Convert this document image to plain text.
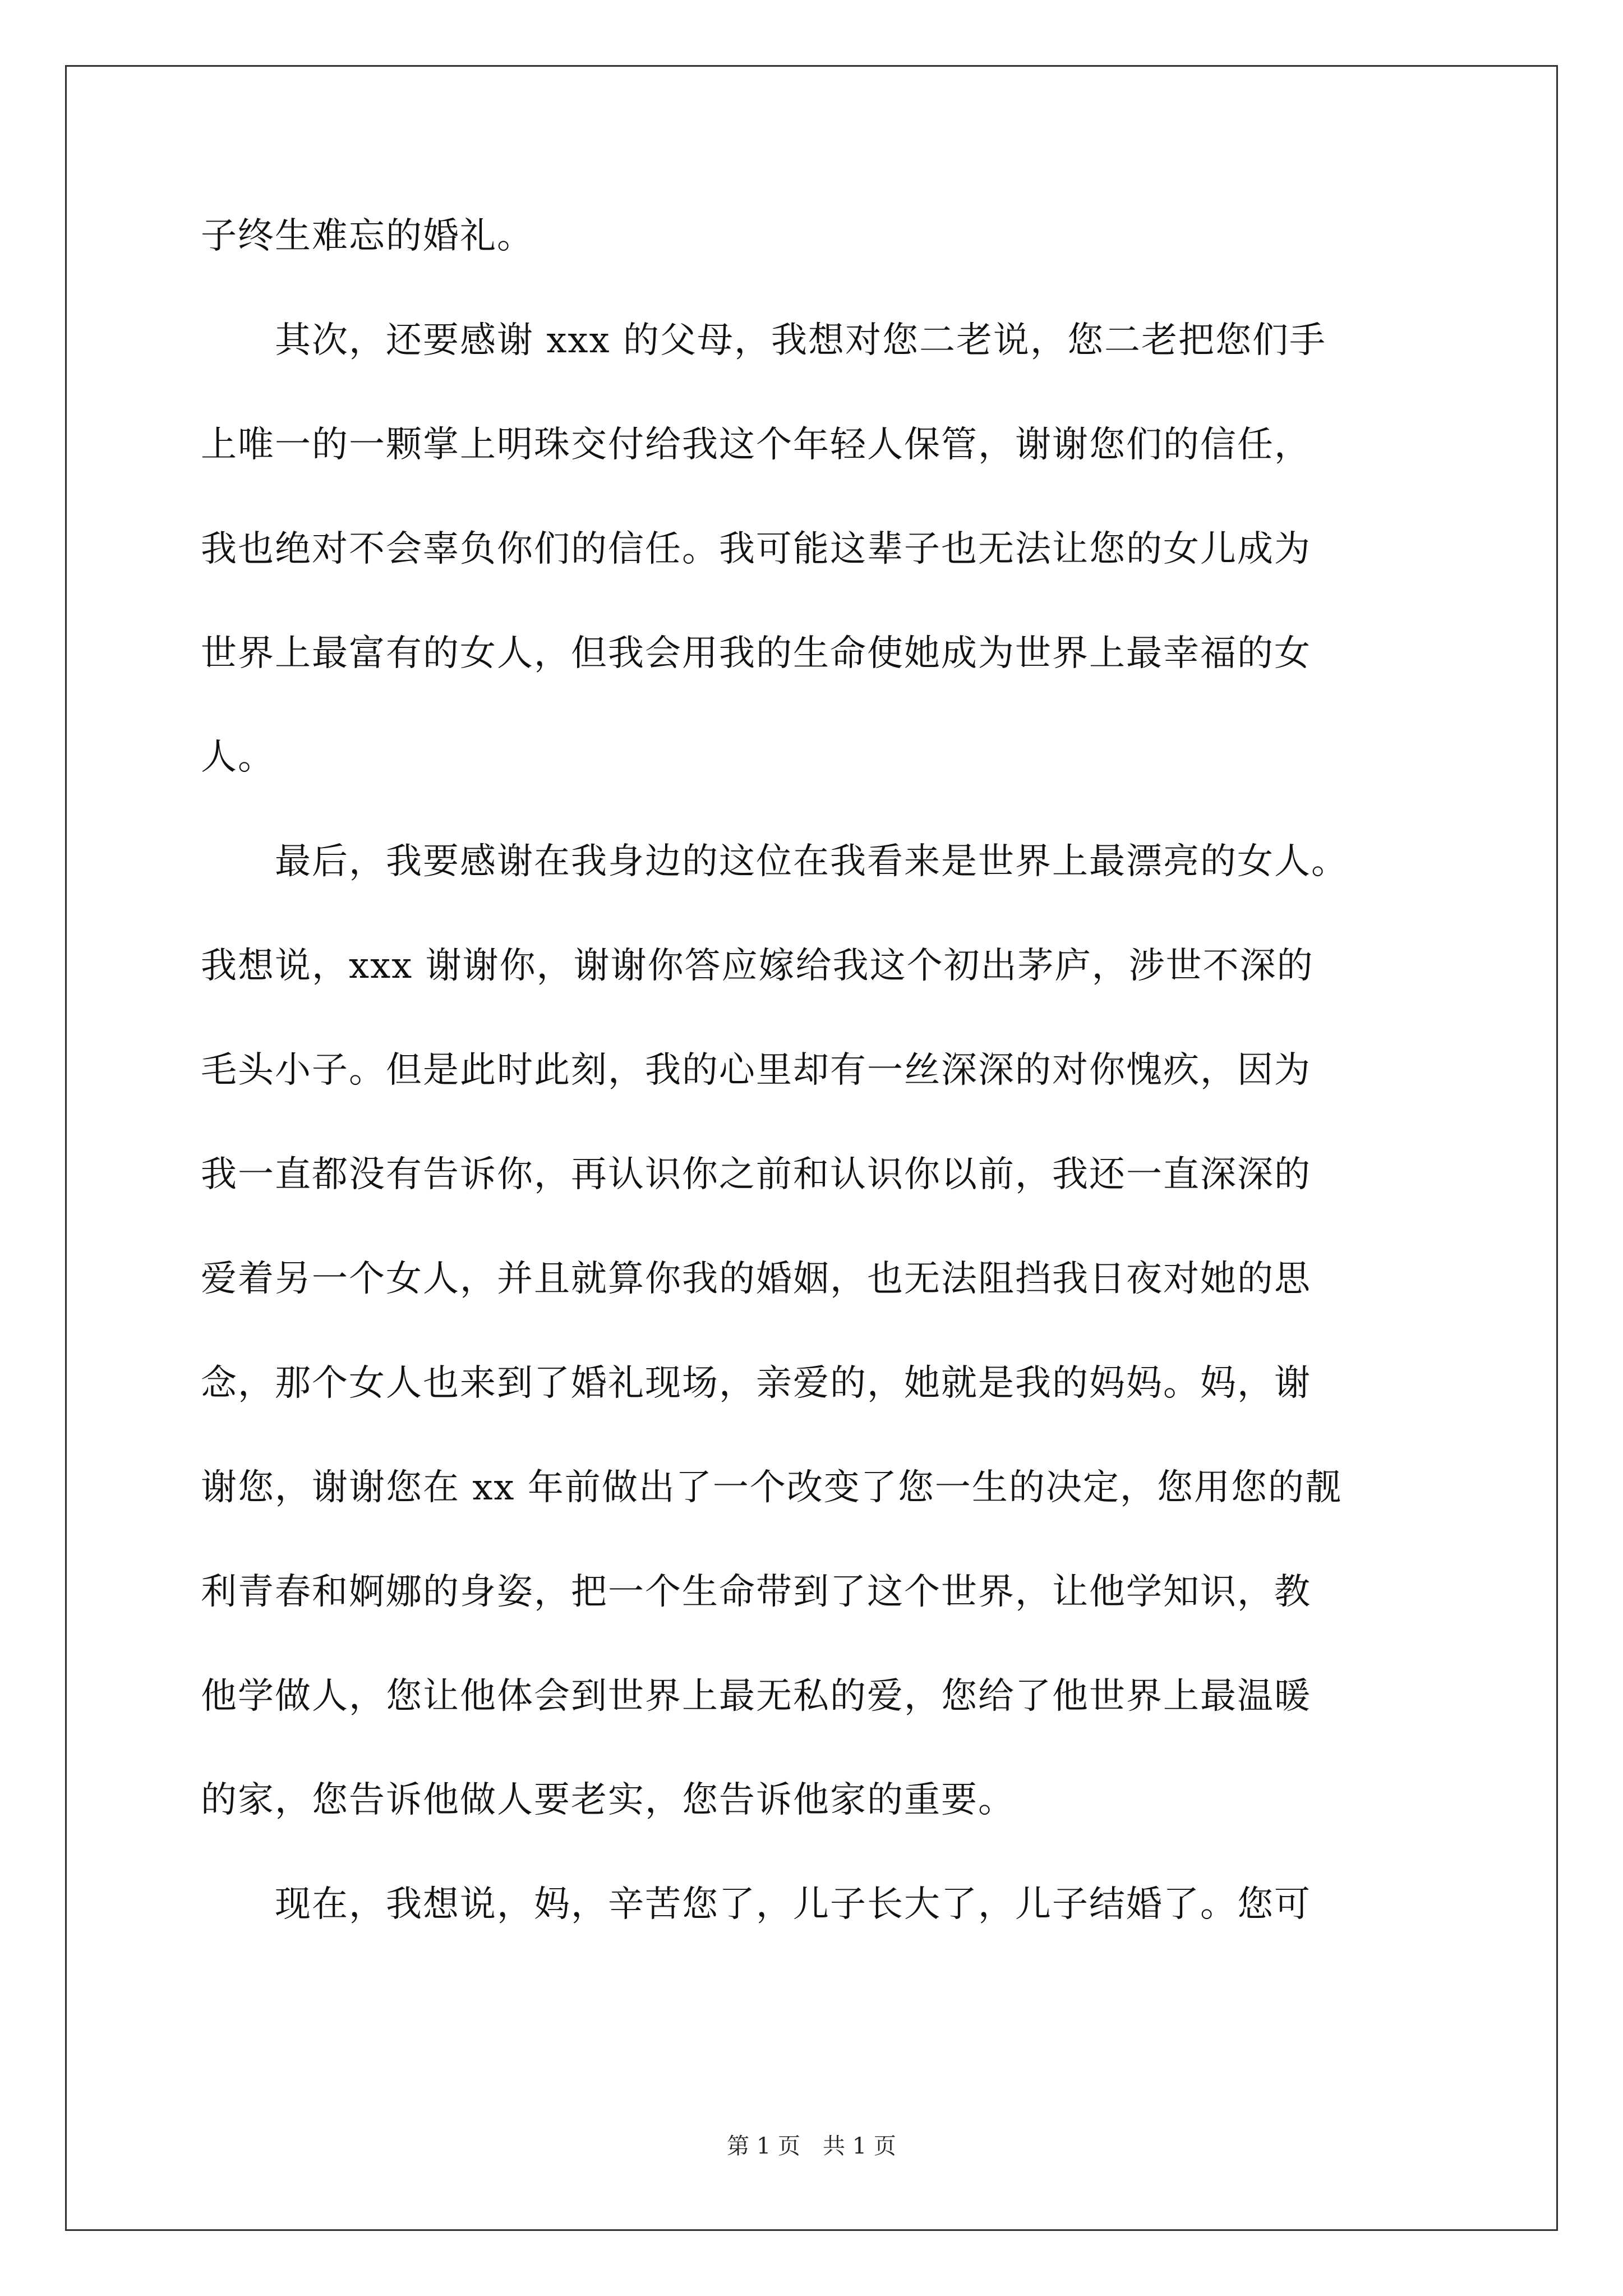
子终生难忘的婚礼。
　　其次，还要感谢 xxx 的父母，我想对您二老说，您二老把您们手
上唯一的一颗掌上明珠交付给我这个年轻人保管，谢谢您们的信任，
我也绝对不会辜负你们的信任。我可能这辈子也无法让您的女儿成为
世界上最富有的女人，但我会用我的生命使她成为世界上最幸福的女
人。
　　最后，我要感谢在我身边的这位在我看来是世界上最漂亮的女人。
我想说，xxx 谢谢你，谢谢你答应嫁给我这个初出茅庐，涉世不深的
毛头小子。但是此时此刻，我的心里却有一丝深深的对你愧疚，因为
我一直都没有告诉你，再认识你之前和认识你以前，我还一直深深的
爱着另一个女人，并且就算你我的婚姻，也无法阻挡我日夜对她的思
念，那个女人也来到了婚礼现场，亲爱的，她就是我的妈妈。妈，谢
谢您，谢谢您在 xx 年前做出了一个改变了您一生的决定，您用您的靓
利青春和婀娜的身姿，把一个生命带到了这个世界，让他学知识，教
他学做人，您让他体会到世界上最无私的爱，您给了他世界上最温暖
的家，您告诉他做人要老实，您告诉他家的重要。
　　现在，我想说，妈，辛苦您了，儿子长大了，儿子结婚了。您可
第 1 页　共 1 页
